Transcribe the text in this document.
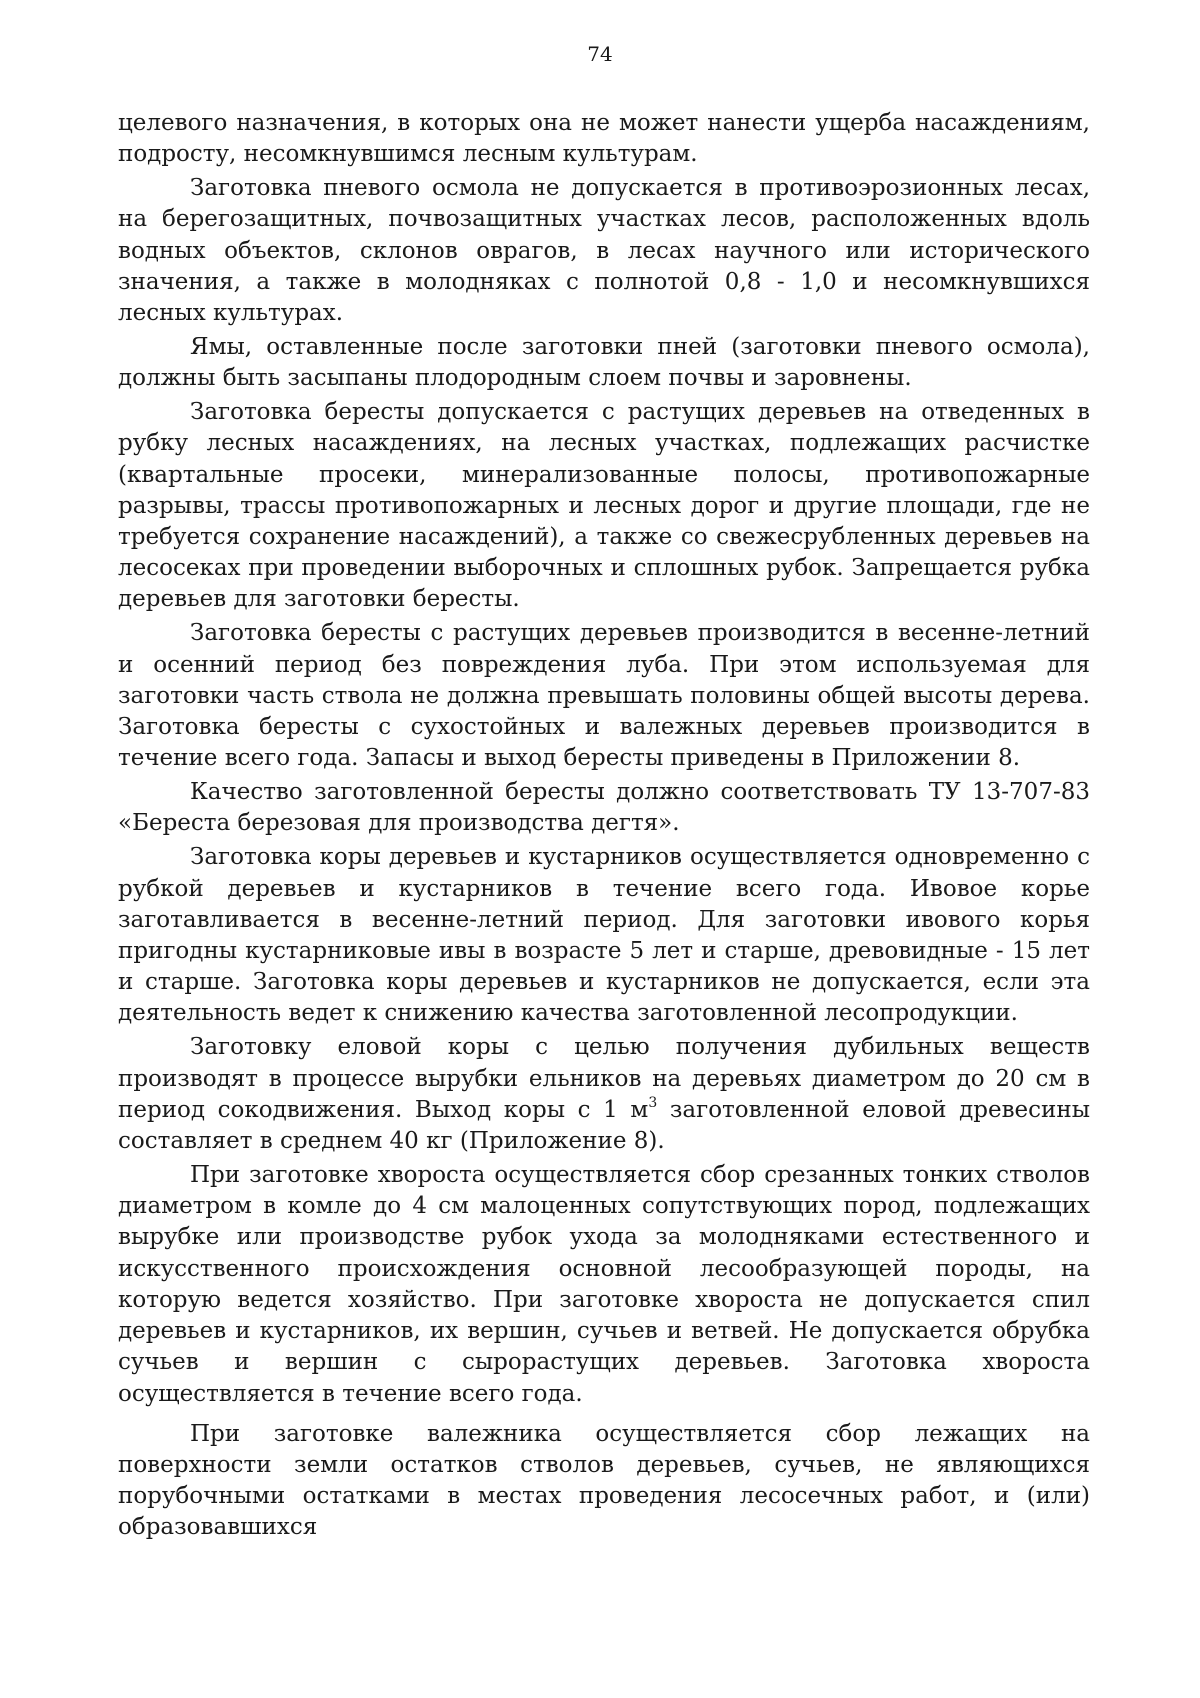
74

целевого назначения, в которых она не может нанести ущерба насаждениям, подросту, несомкнувшимся лесным культурам.

Заготовка пневого осмола не допускается в противоэрозионных лесах, на берегозащитных, почвозащитных участках лесов, расположенных вдоль водных объектов, склонов оврагов, в лесах научного или исторического значения, а также в молодняках с полнотой 0,8 - 1,0 и несомкнувшихся лесных культурах.

Ямы, оставленные после заготовки пней (заготовки пневого осмола), должны быть засыпаны плодородным слоем почвы и заровнены.

Заготовка бересты допускается с растущих деревьев на отведенных в рубку лесных насаждениях, на лесных участках, подлежащих расчистке (квартальные просеки, минерализованные полосы, противопожарные разрывы, трассы противопожарных и лесных дорог и другие площади, где не требуется сохранение насаждений), а также со свежесрубленных деревьев на лесосеках при проведении выборочных и сплошных рубок. Запрещается рубка деревьев для заготовки бересты.

Заготовка бересты с растущих деревьев производится в весенне-летний и осенний период без повреждения луба. При этом используемая для заготовки часть ствола не должна превышать половины общей высоты дерева. Заготовка бересты с сухостойных и валежных деревьев производится в течение всего года. Запасы и выход бересты приведены в Приложении 8.

Качество заготовленной бересты должно соответствовать ТУ 13-707-83 «Береста березовая для производства дегтя».

Заготовка коры деревьев и кустарников осуществляется одновременно с рубкой деревьев и кустарников в течение всего года. Ивовое корье заготавливается в весенне-летний период. Для заготовки ивового корья пригодны кустарниковые ивы в возрасте 5 лет и старше, древовидные - 15 лет и старше. Заготовка коры деревьев и кустарников не допускается, если эта деятельность ведет к снижению качества заготовленной лесопродукции.

Заготовку еловой коры с целью получения дубильных веществ производят в процессе вырубки ельников на деревьях диаметром до 20 см в период сокодвижения. Выход коры с 1 $м^3$ заготовленной еловой древесины составляет в среднем 40 кг (Приложение 8).

При заготовке хвороста осуществляется сбор срезанных тонких стволов диаметром в комле до 4 см малоценных сопутствующих пород, подлежащих вырубке или производстве рубок ухода за молодняками естественного и искусственного происхождения основной лесообразующей породы, на которую ведется хозяйство. При заготовке хвороста не допускается спил деревьев и кустарников, их вершин, сучьев и ветвей. Не допускается обрубка сучьев и вершин с сырорастущих деревьев. Заготовка хвороста осуществляется в течение всего года.

При заготовке валежника осуществляется сбор лежащих на поверхности земли остатков стволов деревьев, сучьев, не являющихся порубочными остатками в местах проведения лесосечных работ, и (или) образовавшихся
